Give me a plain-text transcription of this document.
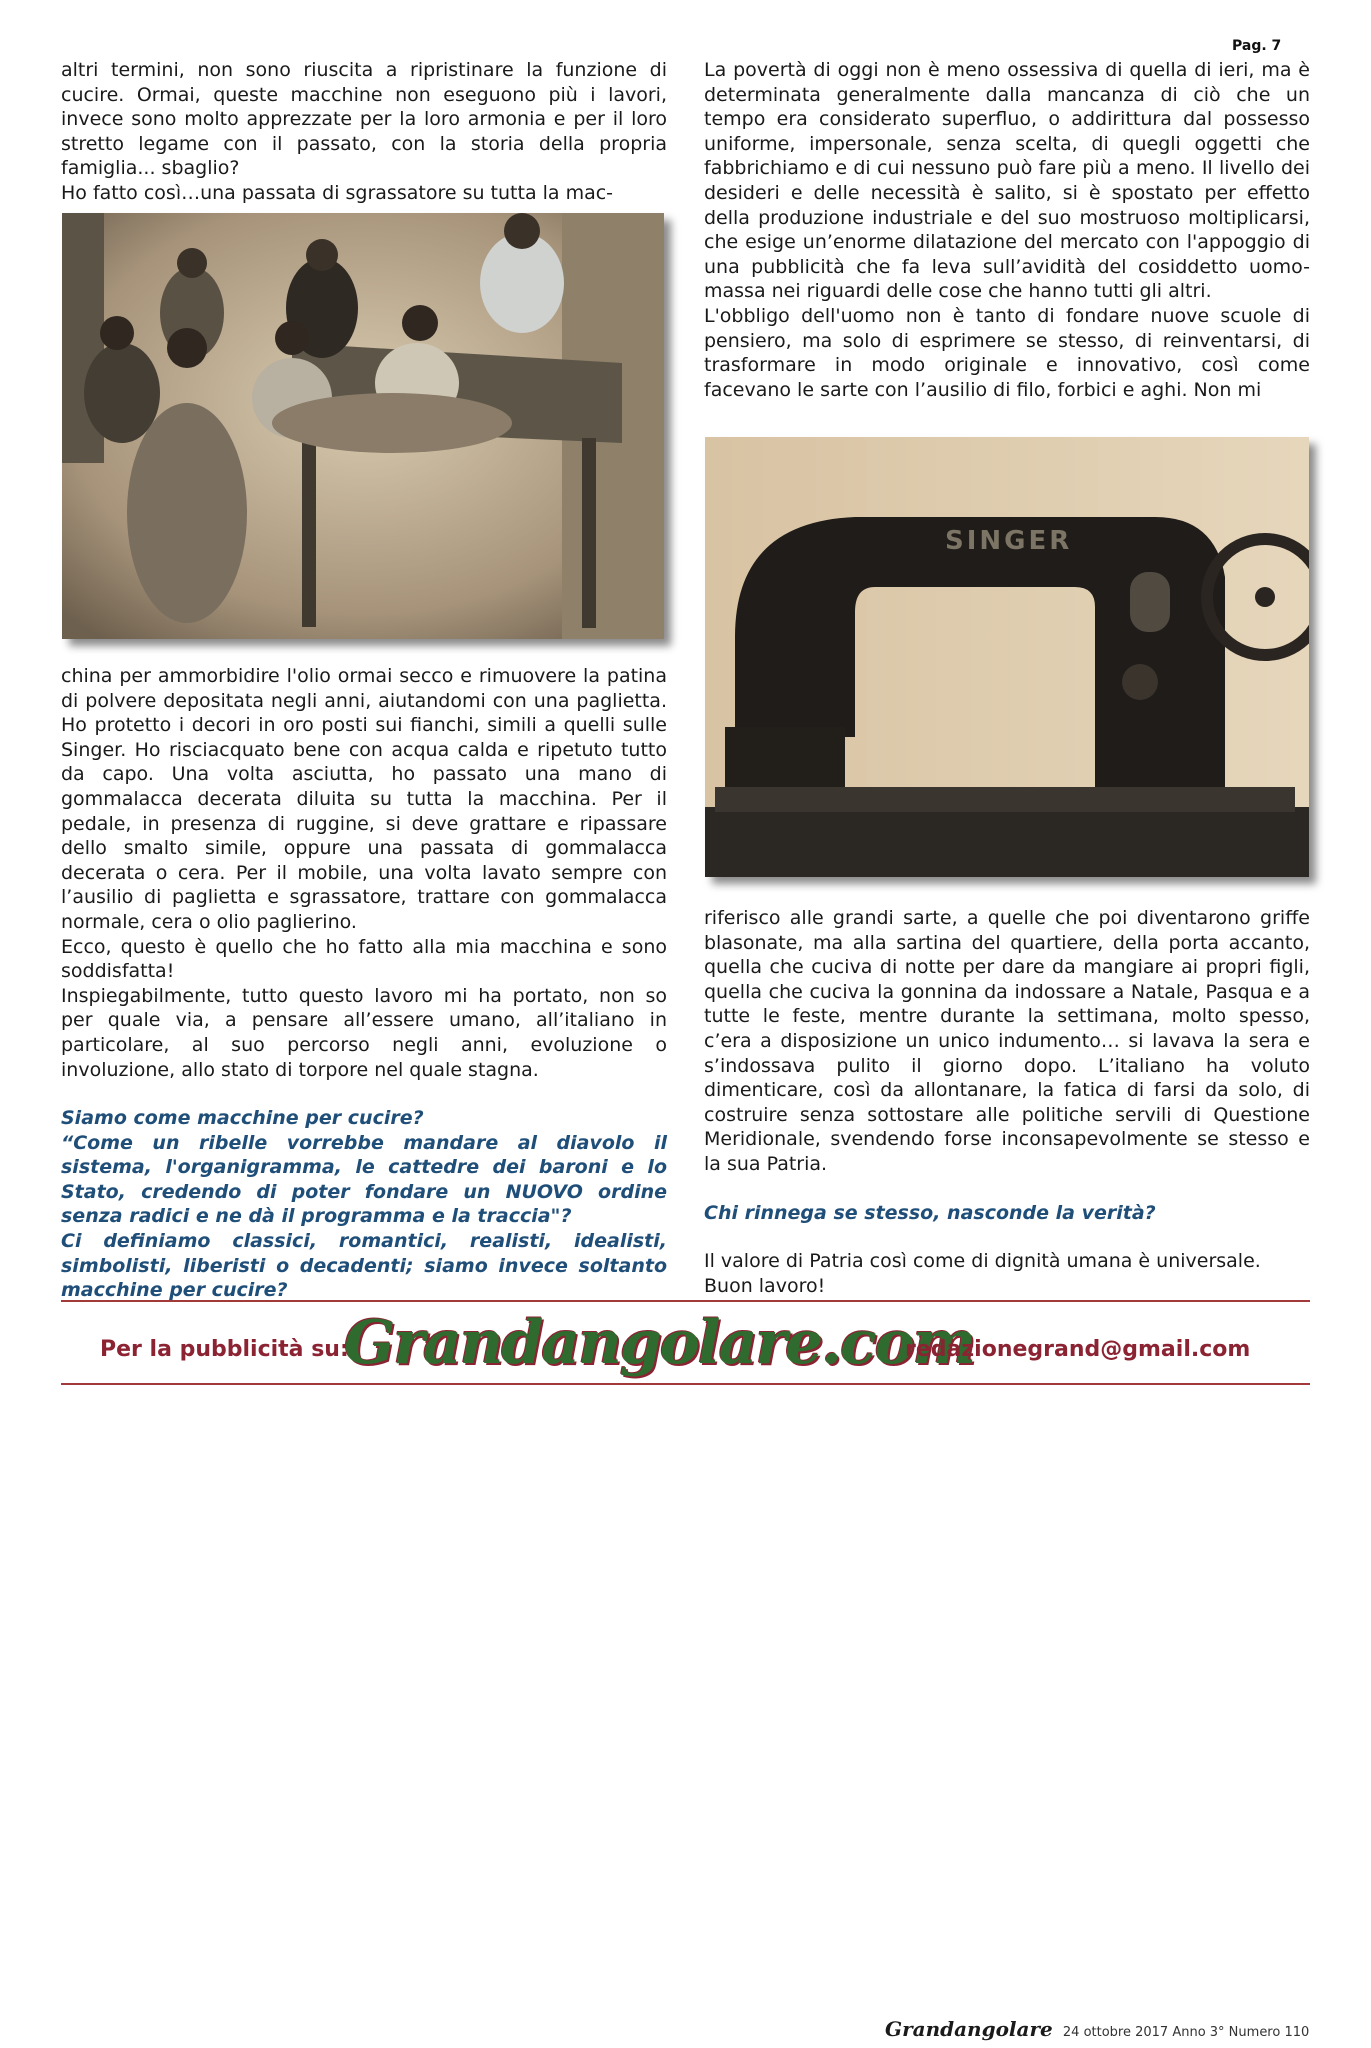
Pag. 7

altri termini, non sono riuscita a ripristinare la funzione di cucire. Ormai, queste macchine non eseguono più i lavori, invece sono molto apprezzate per la loro armonia e per il loro stretto legame con il passato, con la storia della propria famiglia... sbaglio?

Ho fatto così…una passata di sgrassatore su tutta la mac-

La povertà di oggi non è meno ossessiva di quella di ieri, ma è determinata generalmente dalla mancanza di ciò che un tempo era considerato superfluo, o addirittura dal possesso uniforme, impersonale, senza scelta, di quegli oggetti che fabbrichiamo e di cui nessuno può fare più a meno. Il livello dei desideri e delle necessità è salito, si è spostato per effetto della produzione industriale e del suo mostruoso moltiplicarsi, che esige un’enorme dilatazione del mercato con l'appoggio di una pubblicità che fa leva sull’avidità del cosiddetto uomo-massa nei riguardi delle cose che hanno tutti gli altri.

L'obbligo dell'uomo non è tanto di fondare nuove scuole di pensiero, ma solo di esprimere se stesso, di reinventarsi, di trasformare in modo originale e innovativo, così come facevano le sarte con l’ausilio di filo, forbici e aghi. Non mi

SINGER

china per ammorbidire l'olio ormai secco e rimuovere la patina di polvere depositata negli anni, aiutandomi con una paglietta. Ho protetto i decori in oro posti sui fianchi, simili a quelli sulle Singer. Ho risciacquato bene con acqua calda e ripetuto tutto da capo. Una volta asciutta, ho passato una mano di gommalacca decerata diluita su tutta la macchina. Per il pedale, in presenza di ruggine, si deve grattare e ripassare dello smalto simile, oppure una passata di gommalacca decerata o cera. Per il mobile, una volta lavato sempre con l’ausilio di paglietta e sgrassatore, trattare con gommalacca normale, cera o olio paglierino.

Ecco, questo è quello che ho fatto alla mia macchina e sono soddisfatta!

Inspiegabilmente, tutto questo lavoro mi ha portato, non so per quale via, a pensare all’essere umano, all’italiano in particolare, al suo percorso negli anni, evoluzione o involuzione, allo stato di torpore nel quale stagna.

Siamo come macchine per cucire?

“Come un ribelle vorrebbe mandare al diavolo il sistema, l'organigramma, le cattedre dei baroni e lo Stato, credendo di poter fondare un NUOVO ordine senza radici e ne dà il programma e la traccia"?

Ci definiamo classici, romantici, realisti, idealisti, simbolisti, liberisti o decadenti; siamo invece soltanto macchine per cucire?

riferisco alle grandi sarte, a quelle che poi diventarono griffe blasonate, ma alla sartina del quartiere, della porta accanto, quella che cuciva di notte per dare da mangiare ai propri figli, quella che cuciva la gonnina da indossare a Natale, Pasqua e a tutte le feste, mentre durante la settimana, molto spesso, c’era a disposizione un unico indumento… si lavava la sera e s’indossava pulito il giorno dopo. L’italiano ha voluto dimenticare, così da allontanare, la fatica di farsi da solo, di costruire senza sottostare alle politiche servili di Questione Meridionale, svendendo forse inconsapevolmente se stesso e la sua Patria.

Chi rinnega se stesso, nasconde la verità?

Il valore di Patria così come di dignità umana è universale.

Buon lavoro!

Per la pubblicità su:
Grandangolare.com
redazionegrand@gmail.com
Grandangolare 24 ottobre 2017 Anno 3° Numero 110
